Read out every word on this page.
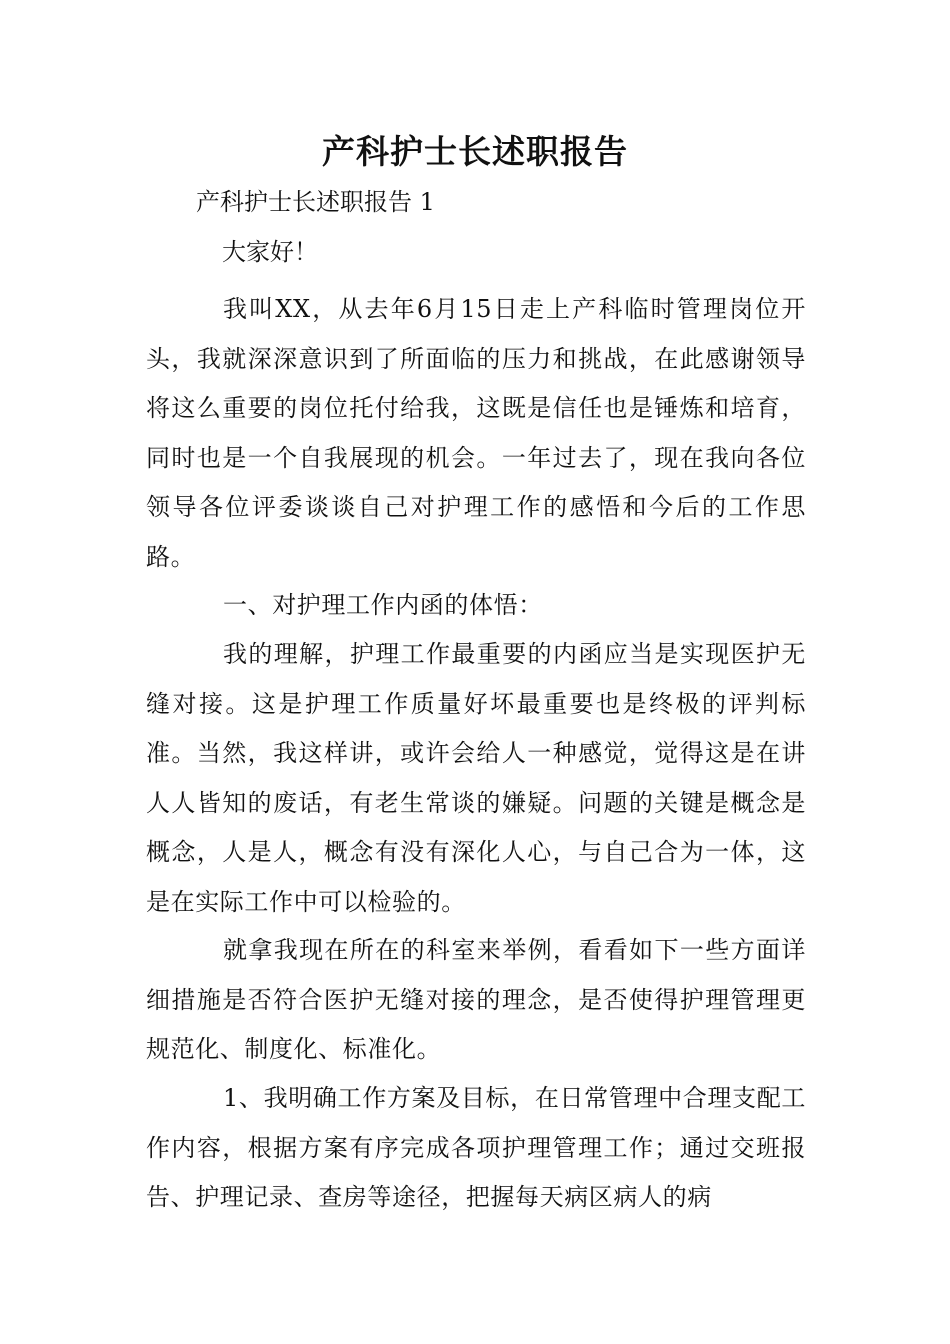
产科护士长述职报告

产科护士长述职报告 1

大家好！

我叫XX，从去年6月15日走上产科临时管理岗位开头，我就深深意识到了所面临的压力和挑战，在此感谢领导将这么重要的岗位托付给我，这既是信任也是锤炼和培育，同时也是一个自我展现的机会。一年过去了，现在我向各位领导各位评委谈谈自己对护理工作的感悟和今后的工作思路。

一、对护理工作内函的体悟：

我的理解，护理工作最重要的内函应当是实现医护无缝对接。这是护理工作质量好坏最重要也是终极的评判标准。当然，我这样讲，或许会给人一种感觉，觉得这是在讲人人皆知的废话，有老生常谈的嫌疑。问题的关键是概念是概念，人是人，概念有没有深化人心，与自己合为一体，这是在实际工作中可以检验的。

就拿我现在所在的科室来举例，看看如下一些方面详细措施是否符合医护无缝对接的理念，是否使得护理管理更规范化、制度化、标准化。

1、我明确工作方案及目标，在日常管理中合理支配工作内容，根据方案有序完成各项护理管理工作；通过交班报告、护理记录、查房等途径，把握每天病区病人的病
